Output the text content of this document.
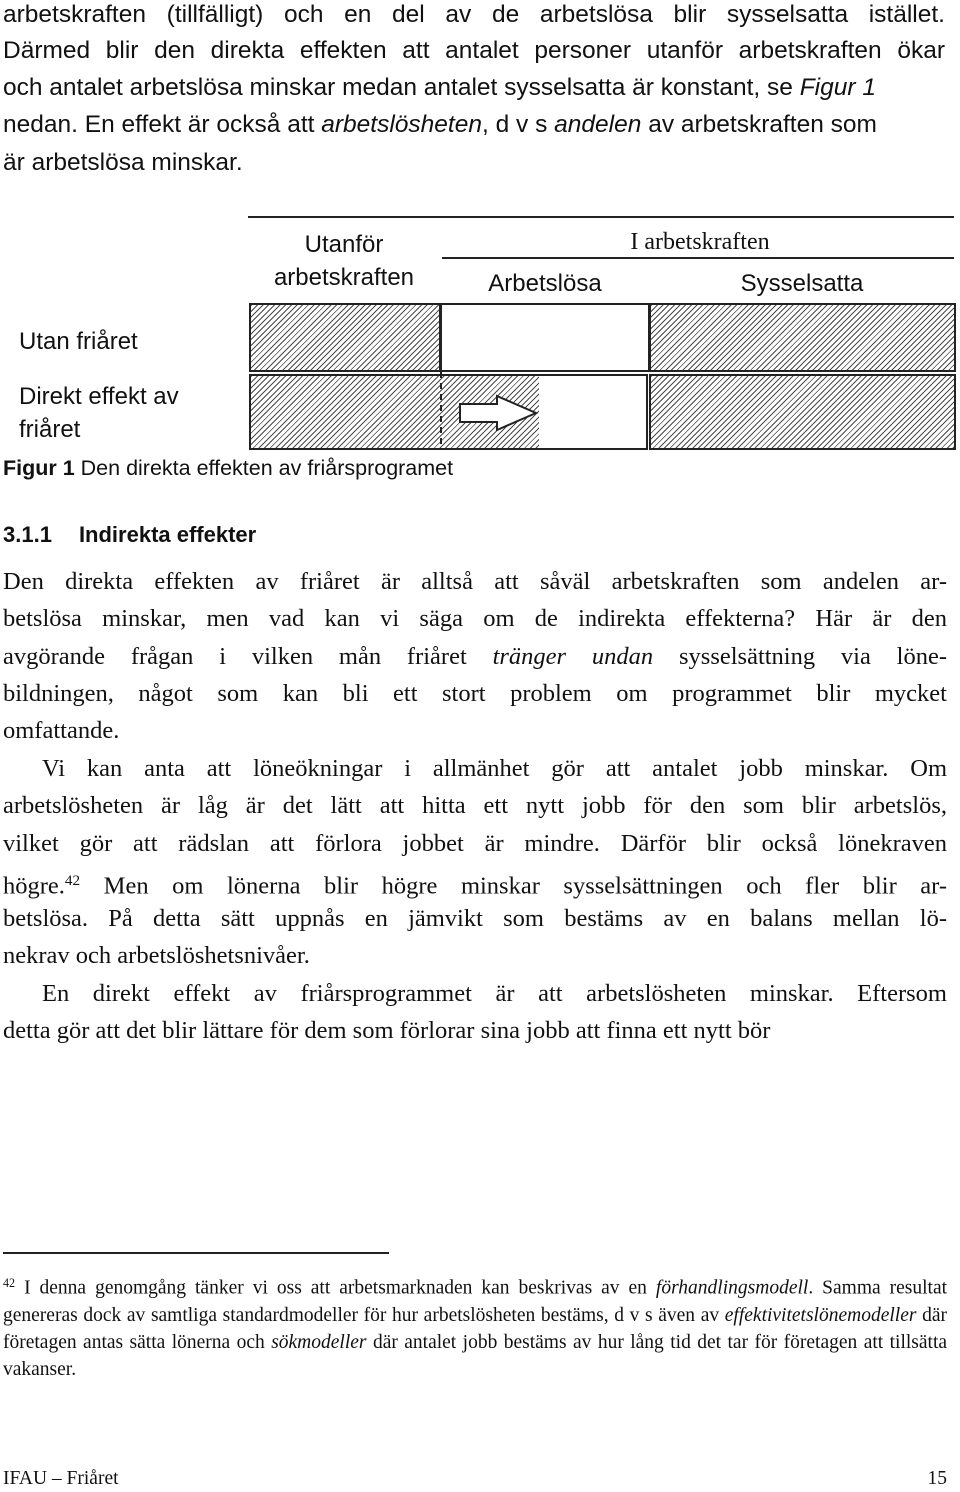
arbetskraften (tillfälligt) och en del av de arbetslösa blir sysselsatta istället.
Därmed blir den direkta effekten att antalet personer utanför arbetskraften ökar
och antalet arbetslösa minskar medan antalet sysselsatta är konstant, se Figur 1
nedan. En effekt är också att arbetslösheten, d v s andelen av arbetskraften som
är arbetslösa minskar.
Utanför arbetskraften
I arbetskraften
Arbetslösa	Sysselsatta
Utan friåret
Direkt effekt av friåret
Figur 1 Den direkta effekten av friårsprogramet
3.1.1 Indirekta effekter
Den direkta effekten av friåret är alltså att såväl arbetskraften som andelen ar-
betslösa minskar, men vad kan vi säga om de indirekta effekterna? Här är den
avgörande frågan i vilken mån friåret tränger undan sysselsättning via löne-
bildningen, något som kan bli ett stort problem om programmet blir mycket
omfattande.
Vi kan anta att löneökningar i allmänhet gör att antalet jobb minskar. Om
arbetslösheten är låg är det lätt att hitta ett nytt jobb för den som blir arbetslös,
vilket gör att rädslan att förlora jobbet är mindre. Därför blir också lönekraven
högre.$^{42}$ Men om lönerna blir högre minskar sysselsättningen och fler blir ar-
betslösa. På detta sätt uppnås en jämvikt som bestäms av en balans mellan lö-
nekrav och arbetslöshetsnivåer.
En direkt effekt av friårsprogrammet är att arbetslösheten minskar. Eftersom
detta gör att det blir lättare för dem som förlorar sina jobb att finna ett nytt bör
$^{42}$ I denna genomgång tänker vi oss att arbetsmarknaden kan beskrivas av en förhandlingsmodell. Samma resultat genereras dock av samtliga standardmodeller för hur arbetslösheten bestäms, d v s även av effektivitetslönemodeller där företagen antas sätta lönerna och sökmodeller där antalet jobb bestäms av hur lång tid det tar för företagen att tillsätta vakanser.
IFAU – Friåret	15
